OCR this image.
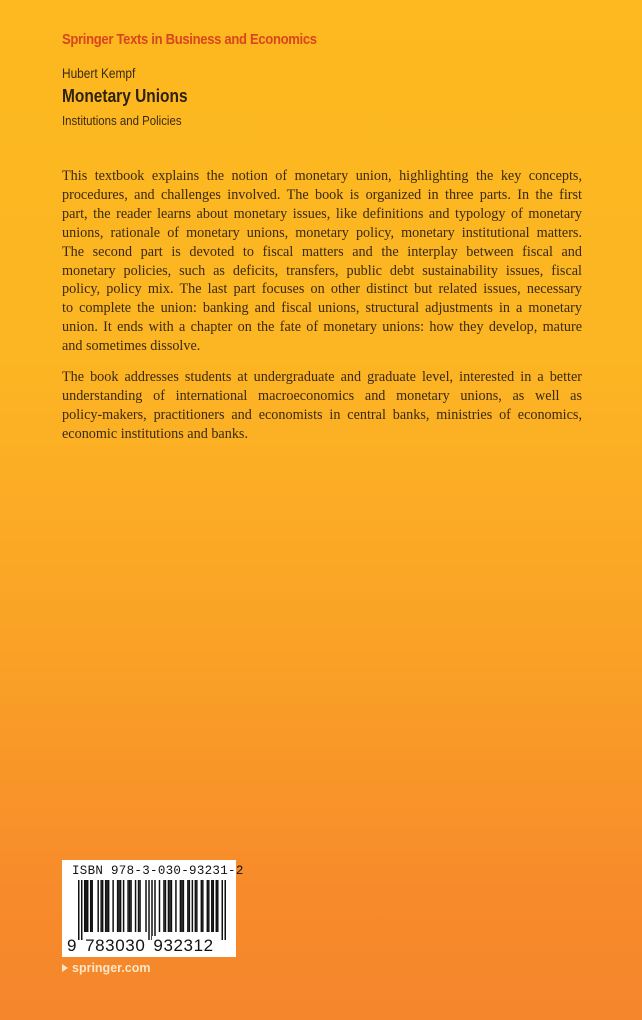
Springer Texts in Business and Economics
Hubert Kempf
Monetary Unions
Institutions and Policies

This textbook explains the notion of monetary union, highlighting the key concepts,
procedures, and challenges involved. The book is organized in three parts. In the first
part, the reader learns about monetary issues, like definitions and typology of monetary
unions, rationale of monetary unions, monetary policy, monetary institutional matters.
The second part is devoted to fiscal matters and the interplay between fiscal and
monetary policies, such as deficits, transfers, public debt sustainability issues, fiscal
policy, policy mix. The last part focuses on other distinct but related issues, necessary
to complete the union: banking and fiscal unions, structural adjustments in a monetary
union. It ends with a chapter on the fate of monetary unions: how they develop, mature
and sometimes dissolve.

The book addresses students at undergraduate and graduate level, interested in a better
understanding of international macroeconomics and monetary unions, as well as
policy-makers, practitioners and economists in central banks, ministries of economics,
economic institutions and banks.

ISBN 978-3-030-93231-2
9 783030 932312
springer.com
